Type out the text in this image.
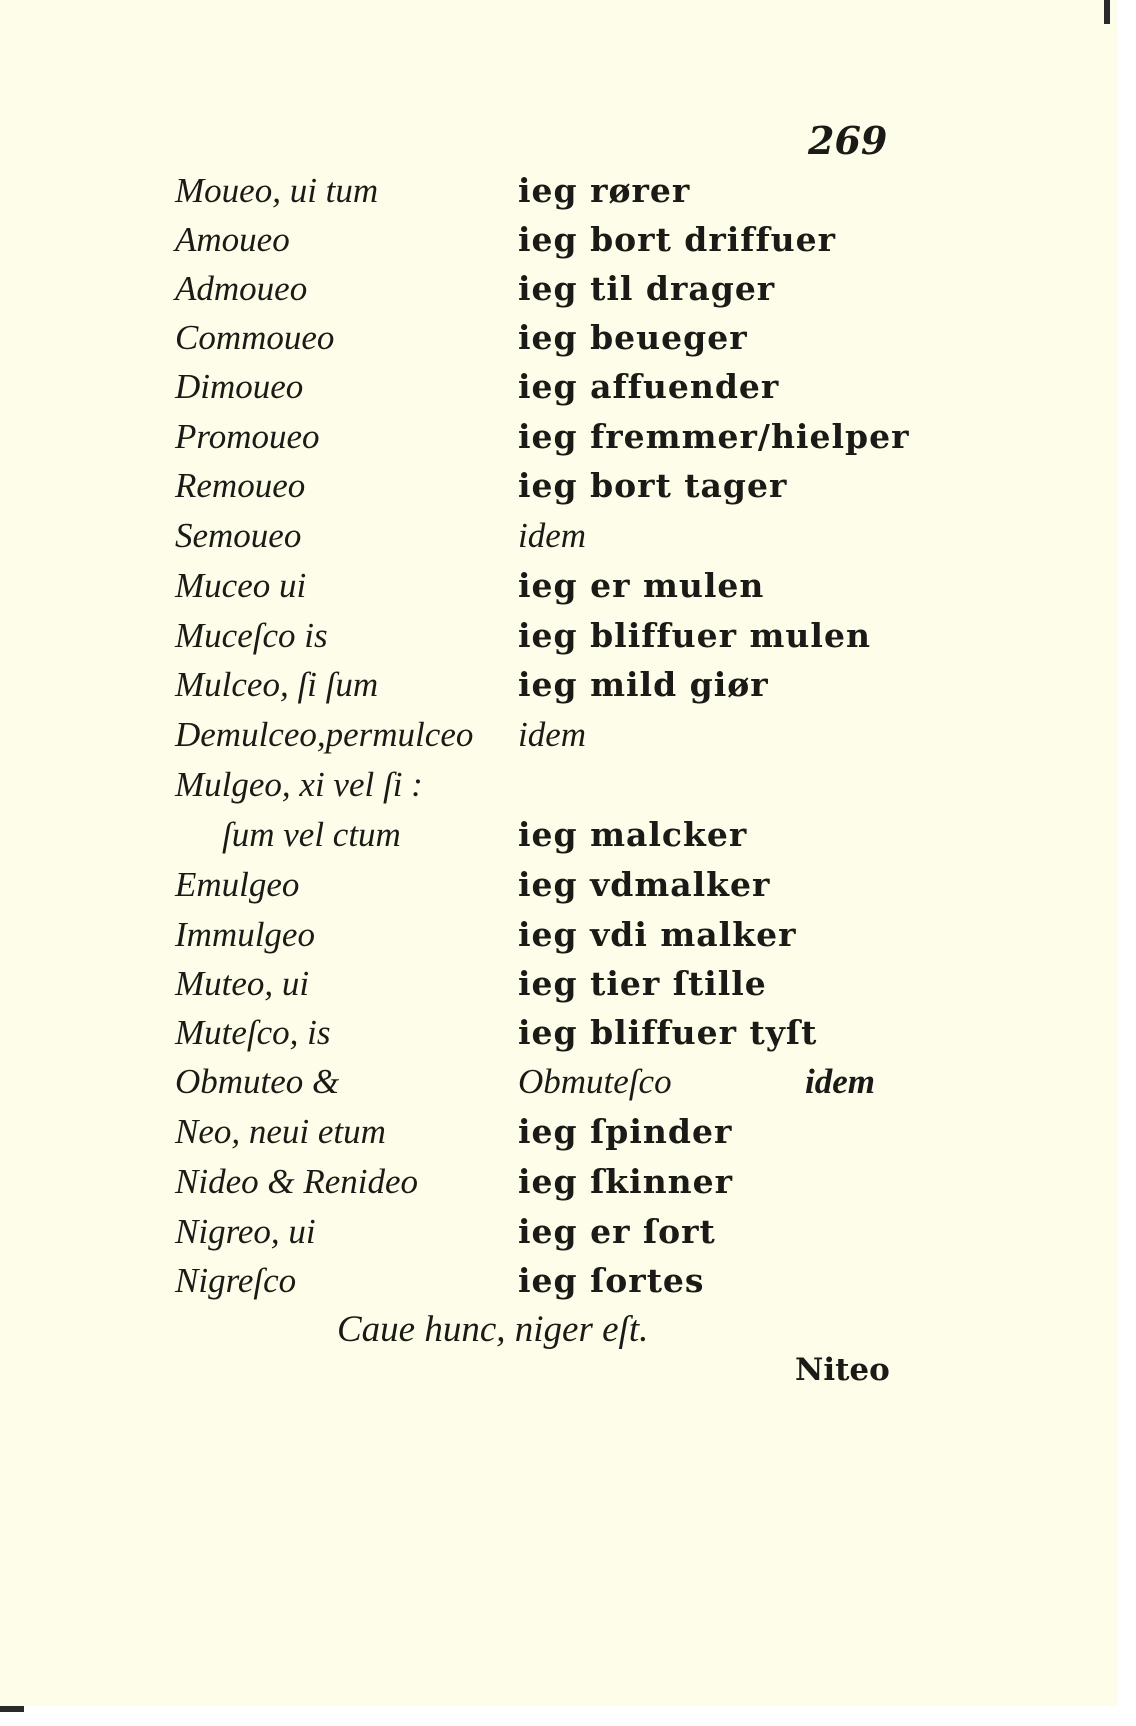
269
Moueo, ui tum	ieg rører
Amoueo	ieg bort driffuer
Admoueo	ieg til drager
Commoueo	ieg beueger
Dimoueo	ieg affuender
Promoueo	ieg fremmer/hielper
Remoueo	ieg bort tager
Semoueo	idem
Muceo ui	ieg er mulen
Muceſco is	ieg bliffuer mulen
Mulceo, ſi ſum	ieg mild giør
Demulceo,permulceo idem
Mulgeo, xi vel ſi :
ſum vel ctum	ieg malcker
Emulgeo	ieg vdmalker
Immulgeo	ieg vdi malker
Muteo, ui	ieg tier ſtille
Muteſco, is	ieg bliffuer tyſt
Obmuteo &	Obmuteſco	idem
Neo, neui etum	ieg ſpinder
Nideo & Renideo	ieg ſkinner
Nigreo, ui	ieg er ſort
Nigreſco	ieg ſortes
Caue hunc, niger eſt.
Niteo
